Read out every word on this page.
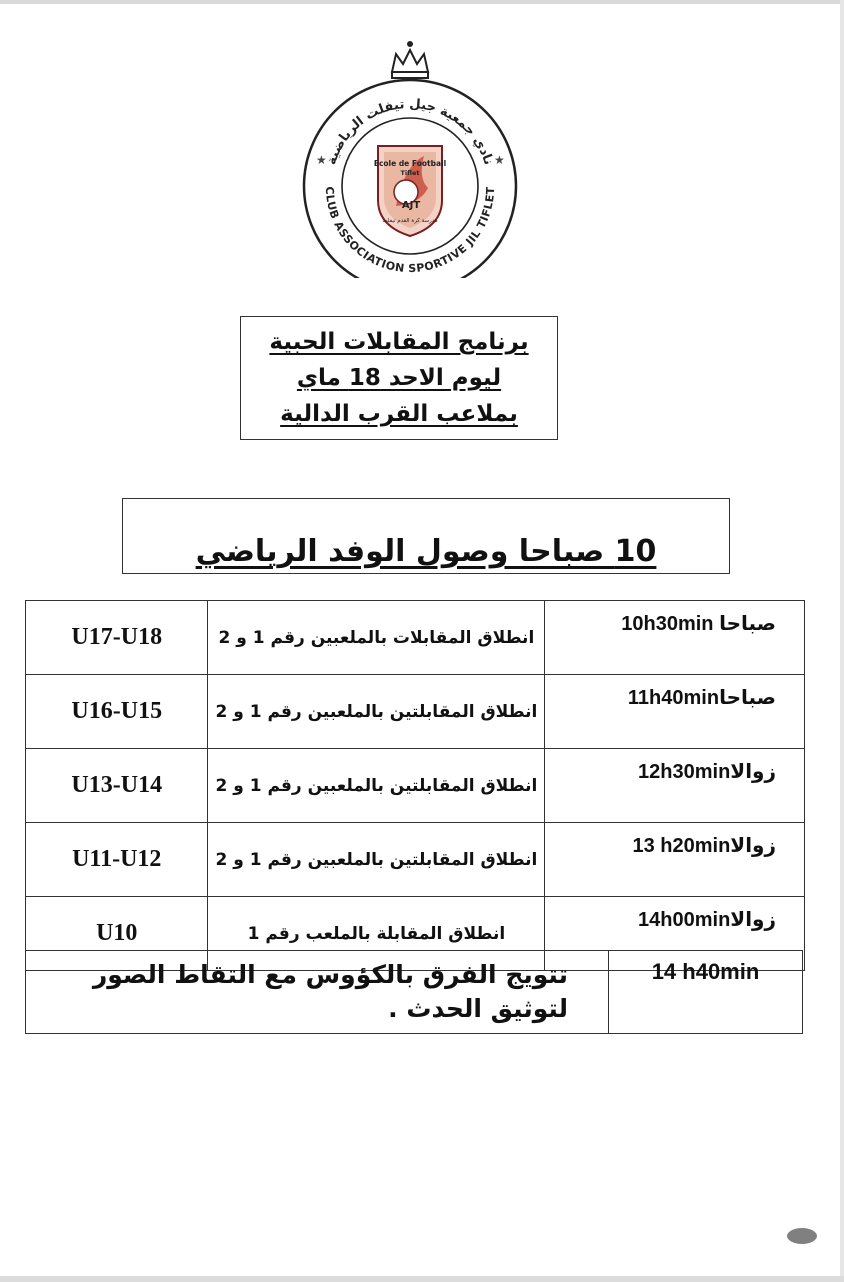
نادي جمعية جيل تيفلت الرياضية
CLUB ASSOCIATION SPORTIVE JIL TIFLET
★	★
Ecole de Football
Tiflet
AJT
مدرسة كرة القدم تيفلت
برنامج المقابلات الحبية
ليوم الاحد 18 ماي
بملاعب القرب الدالية
10 صباحا وصول الوفد الرياضي
U17-U18	انطلاق المقابلات بالملعبين رقم 1 و 2	10h30min صباحا
U16-U15	انطلاق المقابلتين بالملعبين رقم 1 و 2	11h40minصباحا
U13-U14	انطلاق المقابلتين بالملعبين رقم 1 و 2	12h30minزوالا
U11-U12	انطلاق المقابلتين بالملعبين رقم 1 و 2	13 h20minزوالا
U10	انطلاق المقابلة بالملعب رقم 1	14h00minزوالا
تتويج الفرق بالكؤوس مع التقاط الصور
لتوثيق الحدث .
	14 h40min
